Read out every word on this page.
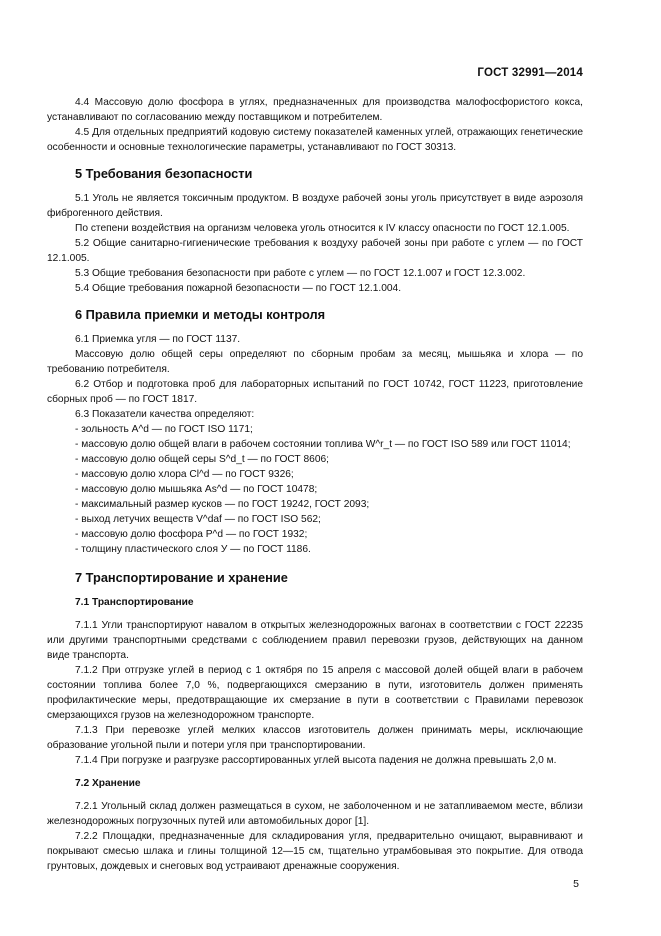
ГОСТ 32991—2014

4.4 Массовую долю фосфора в углях, предназначенных для производства малофосфористого кокса, устанавливают по согласованию между поставщиком и потребителем.

4.5 Для отдельных предприятий кодовую систему показателей каменных углей, отражающих генетические особенности и основные технологические параметры, устанавливают по ГОСТ 30313.

5 Требования безопасности

5.1 Уголь не является токсичным продуктом. В воздухе рабочей зоны уголь присутствует в виде аэрозоля фиброгенного действия.

По степени воздействия на организм человека уголь относится к IV классу опасности по ГОСТ 12.1.005.

5.2 Общие санитарно-гигиенические требования к воздуху рабочей зоны при работе с углем — по ГОСТ 12.1.005.

5.3 Общие требования безопасности при работе с углем — по ГОСТ 12.1.007 и ГОСТ 12.3.002.

5.4 Общие требования пожарной безопасности — по ГОСТ 12.1.004.

6 Правила приемки и методы контроля

6.1 Приемка угля — по ГОСТ 1137.

Массовую долю общей серы определяют по сборным пробам за месяц, мышьяка и хлора — по требованию потребителя.

6.2 Отбор и подготовка проб для лабораторных испытаний по ГОСТ 10742, ГОСТ 11223, приготовление сборных проб — по ГОСТ 1817.

6.3 Показатели качества определяют:

- зольность A^d — по ГОСТ ISO 1171;

- массовую долю общей влаги в рабочем состоянии топлива W^r_t — по ГОСТ ISO 589 или ГОСТ 11014;

- массовую долю общей серы S^d_t — по ГОСТ 8606;

- массовую долю хлора Cl^d — по ГОСТ 9326;

- массовую долю мышьяка As^d — по ГОСТ 10478;

- максимальный размер кусков — по ГОСТ 19242, ГОСТ 2093;

- выход летучих веществ V^daf — по ГОСТ ISO 562;

- массовую долю фосфора P^d — по ГОСТ 1932;

- толщину пластического слоя У — по ГОСТ 1186.

7 Транспортирование и хранение
7.1 Транспортирование

7.1.1 Угли транспортируют навалом в открытых железнодорожных вагонах в соответствии с ГОСТ 22235 или другими транспортными средствами с соблюдением правил перевозки грузов, действующих на данном виде транспорта.

7.1.2 При отгрузке углей в период с 1 октября по 15 апреля с массовой долей общей влаги в рабочем состоянии топлива более 7,0 %, подвергающихся смерзанию в пути, изготовитель должен применять профилактические меры, предотвращающие их смерзание в пути в соответствии с Правилами перевозок смерзающихся грузов на железнодорожном транспорте.

7.1.3 При перевозке углей мелких классов изготовитель должен принимать меры, исключающие образование угольной пыли и потери угля при транспортировании.

7.1.4 При погрузке и разгрузке рассортированных углей высота падения не должна превышать 2,0 м.

7.2 Хранение

7.2.1 Угольный склад должен размещаться в сухом, не заболоченном и не затапливаемом месте, вблизи железнодорожных погрузочных путей или автомобильных дорог [1].

7.2.2 Площадки, предназначенные для складирования угля, предварительно очищают, выравнивают и покрывают смесью шлака и глины толщиной 12—15 см, тщательно утрамбовывая это покрытие. Для отвода грунтовых, дождевых и снеговых вод устраивают дренажные сооружения.

5
